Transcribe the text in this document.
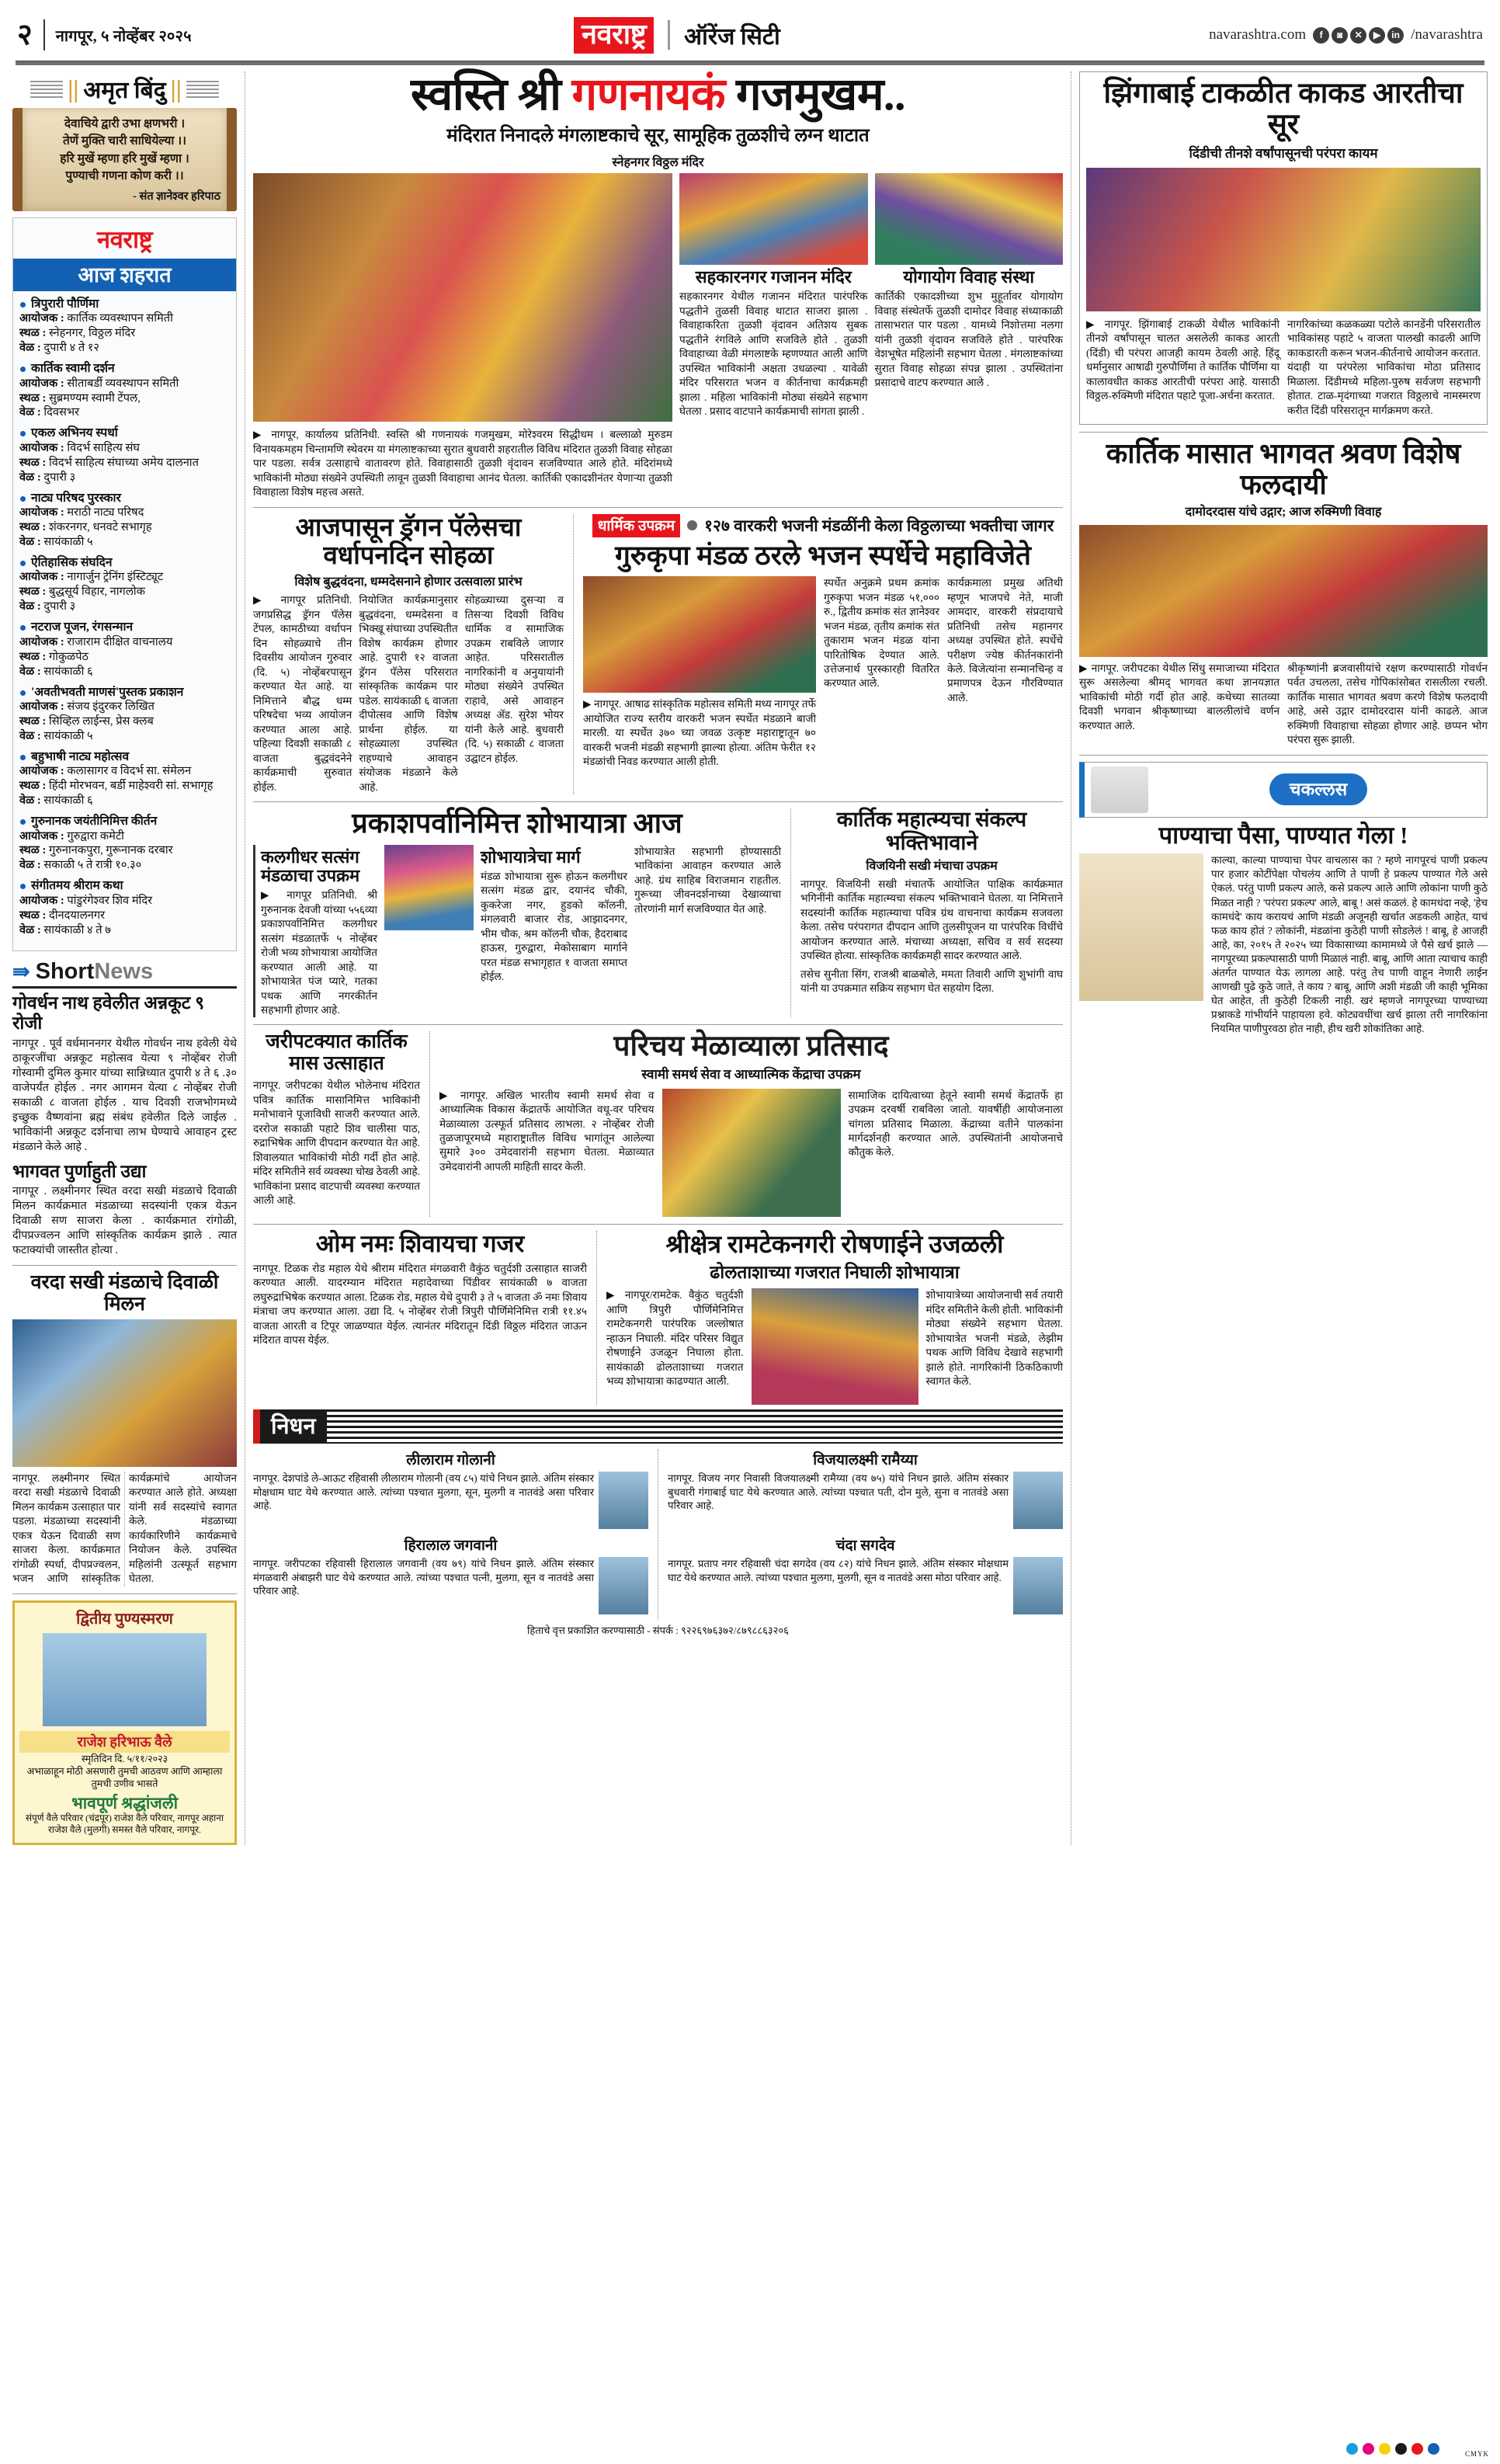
२ नागपूर, ५ नोव्हेंबर २०२५	नवराष्ट्र	ऑरेंज सिटी	navarashtra.com	f	◙	✕	▶	in /navarashtra
|| अमृत बिंदु ||

देवाचिये द्वारी उभा क्षणभरी ।

तेणें मुक्ति चारी साधियेल्या ।।

हरि मुखें म्हणा हरि मुखें म्हणा ।

पुण्याची गणना कोण करी ।।

- संत ज्ञानेश्वर हरिपाठ
नवराष्ट्र
आज शहरात
त्रिपुरारी पौर्णिमा
आयोजक : कार्तिक व्यवस्थापन समिती
स्थळ : स्नेहनगर, विठ्ठल मंदिर
वेळ : दुपारी ४ ते १२
कार्तिक स्वामी दर्शन
आयोजक : सीताबर्डी व्यवस्थापन समिती
स्थळ : सुब्रमण्यम स्वामी टेंपल,
वेळ : दिवसभर
एकल अभिनय स्पर्धा
आयोजक : विदर्भ साहित्य संघ
स्थळ : विदर्भ साहित्य संघाच्या अमेय दालनात
वेळ : दुपारी ३
नाट्य परिषद पुरस्कार
आयोजक : मराठी नाट्य परिषद
स्थळ : शंकरनगर, धनवटे सभागृह
वेळ : सायंकाळी ५
ऐतिहासिक संघदिन
आयोजक : नागार्जुन ट्रेनिंग इंस्टिट्यूट
स्थळ : बुद्धसूर्य विहार, नागलोक
वेळ : दुपारी ३
नटराज पूजन, रंगसन्मान
आयोजक : राजाराम दीक्षित वाचनालय
स्थळ : गोकुळपेठ
वेळ : सायंकाळी ६
'अवतीभवती माणसं'पुस्तक प्रकाशन
आयोजक : संजय इंदुरकर लिखित
स्थळ : सिव्हिल लाईन्स, प्रेस क्लब
वेळ : सायंकाळी ५
बहुभाषी नाट्य महोत्सव
आयोजक : कलासागर व विदर्भ सा. संमेलन
स्थळ : हिंदी मोरभवन, बर्डी माहेश्वरी सां. सभागृह
वेळ : सायंकाळी ६
गुरुनानक जयंतीनिमित्त कीर्तन
आयोजक : गुरुद्वारा कमेटी
स्थळ : गुरुनानकपुरा, गुरूनानक दरबार
वेळ : सकाळी ५ ते रात्री १०.३०
संगीतमय श्रीराम कथा
आयोजक : पांडुरंगेश्वर शिव मंदिर
स्थळ : दीनदयालनगर
वेळ : सायंकाळी ४ ते ७
⇛ ShortNews
गोवर्धन नाथ हवेलीत अन्नकूट ९ रोजी
नागपूर . पूर्व वर्धमाननगर येथील गोवर्धन नाथ हवेली येथे ठाकूरजींचा अन्नकूट महोत्सव येत्या ९ नोव्हेंबर रोजी गोस्वामी दुमिल कुमार यांच्या सान्निध्यात दुपारी ४ ते ६ .३० वाजेपर्यंत होईल . नगर आगमन येत्या ८ नोव्हेंबर रोजी सकाळी ८ वाजता होईल . याच दिवशी राजभोगमध्ये इच्छुक वैष्णवांना ब्रह्म संबंध हवेलीत दिले जाईल . भाविकांनी अन्नकूट दर्शनाचा लाभ घेण्याचे आवाहन ट्रस्ट मंडळाने केले आहे .
भागवत पुर्णाहुती उद्या
नागपूर . लक्ष्मीनगर स्थित वरदा सखी मंडळाचे दिवाळी मिलन कार्यक्रमात मंडळाच्या सदस्यांनी एकत्र येऊन दिवाळी सण साजरा केला . कार्यक्रमात रांगोळी, दीपप्रज्वलन आणि सांस्कृतिक कार्यक्रम झाले . त्यात फटाक्यांची जास्तीत होत्या .
वरदा सखी मंडळाचे दिवाळी मिलन
नागपूर. लक्ष्मीनगर स्थित वरदा सखी मंडळाचे दिवाळी मिलन कार्यक्रम उत्साहात पार पडला. मंडळाच्या सदस्यांनी एकत्र येऊन दिवाळी सण साजरा केला. कार्यक्रमात रांगोळी स्पर्धा, दीपप्रज्वलन, भजन आणि सांस्कृतिक कार्यक्रमांचे आयोजन करण्यात आले होते. अध्यक्षा यांनी सर्व सदस्यांचे स्वागत केले. मंडळाच्या कार्यकारिणीने कार्यक्रमाचे नियोजन केले. उपस्थित महिलांनी उत्स्फूर्त सहभाग घेतला.
द्वितीय पुण्यस्मरण
राजेश हरिभाऊ वैले
स्मृतिदिन दि. ५/११/२०२३
अभाळाहून मोठी असणारी तुमची आठवण आणि आम्हाला तुमची उणीव भासते
भावपूर्ण श्रद्धांजली
संपूर्ण वैले परिवार (चंद्रपूर) राजेश वैले परिवार, नागपूर अहाना राजेश वैले (मुलगी) समस्त वैले परिवार, नागपूर.
स्वस्ति श्री गणनायकं गजमुखम..
मंदिरात निनादले मंगलाष्टकाचे सूर, सामूहिक तुळशीचे लग्न थाटात
स्नेहनगर विठ्ठल मंदिर
▶ नागपूर, कार्यालय प्रतिनिधी. स्वस्ति श्री गणनायकं गजमुखम, मोरेश्वरम सिद्धीधम । बल्लाळो मुरुडम विनायकमहम चिन्तामणि स्थेवरम या मंगलाष्टकाच्या सुरात बुधवारी शहरातील विविध मंदिरात तुळशी विवाह सोहळा पार पडला. सर्वत्र उत्साहाचे वातावरण होते. विवाहासाठी तुळशी वृंदावन सजविण्यात आले होते. मंदिरांमध्ये भाविकांनी मोठ्या संख्येने उपस्थिती लावून तुळशी विवाहाचा आनंद घेतला. कार्तिकी एकादशीनंतर येणाऱ्या तुळशी विवाहाला विशेष महत्त्व असते.
सहकारनगर गजानन मंदिर
सहकारनगर येथील गजानन मंदिरात पारंपरिक पद्धतीने तुळसी विवाह थाटात साजरा झाला . विवाहाकरिता तुळशी वृंदावन अतिशय सुबक पद्धतीने रंगविले आणि सजविले होते . तुळशी विवाहाच्या वेळी मंगलाष्टके म्हणण्यात आली आणि उपस्थित भाविकांनी अक्षता उधळल्या . यावेळी मंदिर परिसरात भजन व कीर्तनाचा कार्यक्रमही झाला . महिला भाविकांनी मोठ्या संख्येने सहभाग घेतला . प्रसाद वाटपाने कार्यक्रमाची सांगता झाली .
योगायोग विवाह संस्था
कार्तिकी एकादशीच्या शुभ मुहूर्तावर योगायोग विवाह संस्थेतर्फे तुळशी दामोदर विवाह संध्याकाळी तासाभरात पार पडला . यामध्ये निशोत्तमा नलगा यांनी तुळशी वृंदावन सजविले होते . पारंपरिक वेशभूषेत महिलांनी सहभाग घेतला . मंगलाष्टकांच्या सुरात विवाह सोहळा संपन्न झाला . उपस्थितांना प्रसादाचे वाटप करण्यात आले .
आजपासून ड्रॅगन पॅलेसचा वर्धापनदिन सोहळा
विशेष बुद्धवंदना, धम्मदेसनाने होणार उत्सवाला प्रारंभ
▶ नागपूर प्रतिनिधी. जगप्रसिद्ध ड्रॅगन पॅलेस टेंपल, कामठीच्या वर्धापन दिन सोहळ्याचे तीन दिवसीय आयोजन गुरुवार (दि. ५) नोव्हेंबरपासून करण्यात येत आहे. या निमित्ताने बौद्ध धम्म परिषदेचा भव्य आयोजन करण्यात आला आहे. पहिल्या दिवशी सकाळी ८ वाजता बुद्धवंदनेने कार्यक्रमाची सुरुवात होईल.
नियोजित कार्यक्रमानुसार बुद्धवंदना, धम्मदेसना व भिक्खू संघाच्या उपस्थितीत विशेष कार्यक्रम होणार आहे. दुपारी १२ वाजता ड्रॅगन पॅलेस परिसरात सांस्कृतिक कार्यक्रम पार पडेल. सायंकाळी ६ वाजता दीपोत्सव आणि विशेष प्रार्थना होईल. या सोहळ्याला उपस्थित राहण्याचे आवाहन संयोजक मंडळाने केले आहे.
सोहळ्याच्या दुसऱ्या व तिसऱ्या दिवशी विविध धार्मिक व सामाजिक उपक्रम राबविले जाणार आहेत. परिसरातील नागरिकांनी व अनुयायांनी मोठ्या संख्येने उपस्थित राहावे, असे आवाहन अध्यक्ष ॲड. सुरेश भोयर यांनी केले आहे. बुधवारी (दि. ५) सकाळी ८ वाजता उद्घाटन होईल.
धार्मिक उपक्रम	१२७ वारकरी भजनी मंडळींनी केला विठ्ठलाच्या भक्तीचा जागर
गुरुकृपा मंडळ ठरले भजन स्पर्धेचे महाविजेते
▶ नागपूर. आषाढ सांस्कृतिक महोत्सव समिती मध्य नागपूर तर्फे आयोजित राज्य स्तरीय वारकरी भजन स्पर्धेत मंडळाने बाजी मारली. या स्पर्धेत ३७० च्या जवळ उत्कृष्ट महाराष्ट्रातून ७० वारकरी भजनी मंडळी सहभागी झाल्या होत्या. अंतिम फेरीत १२ मंडळांची निवड करण्यात आली होती.
स्पर्धेत अनुक्रमे प्रथम क्रमांक गुरुकृपा भजन मंडळ ५१,००० रु., द्वितीय क्रमांक संत ज्ञानेश्वर भजन मंडळ, तृतीय क्रमांक संत तुकाराम भजन मंडळ यांना पारितोषिक देण्यात आले. उत्तेजनार्थ पुरस्कारही वितरित करण्यात आले.
कार्यक्रमाला प्रमुख अतिथी म्हणून भाजपचे नेते, माजी आमदार, वारकरी संप्रदायाचे प्रतिनिधी तसेच महानगर अध्यक्ष उपस्थित होते. स्पर्धेचे परीक्षण ज्येष्ठ कीर्तनकारांनी केले. विजेत्यांना सन्मानचिन्ह व प्रमाणपत्र देऊन गौरविण्यात आले.
प्रकाशपर्वानिमित्त शोभायात्रा आज
कलगीधर सत्संग मंडळाचा उपक्रम
▶ नागपूर प्रतिनिधी. श्री गुरुनानक देवजी यांच्या ५५६व्या प्रकाशपर्वानिमित्त कलगीधर सत्संग मंडळातर्फे ५ नोव्हेंबर रोजी भव्य शोभायात्रा आयोजित करण्यात आली आहे. या शोभायात्रेत पंज प्यारे, गतका पथक आणि नगरकीर्तन सहभागी होणार आहे.
शोभायात्रेचा मार्ग
मंडळ शोभायात्रा सुरू होऊन कलगीधर सत्संग मंडळ द्वार, दयानंद चौकी, कुकरेजा नगर, हुडको कॉलनी, मंगलवारी बाजार रोड, आझादनगर, भीम चौक, श्रम कॉलनी चौक, हैदराबाद हाऊस, गुरुद्वारा, मेकोसाबाग मार्गाने परत मंडळ सभागृहात १ वाजता समाप्त होईल.
शोभायात्रेत सहभागी होण्यासाठी भाविकांना आवाहन करण्यात आले आहे. ग्रंथ साहिब विराजमान राहतील. गुरूच्या जीवनदर्शनाच्या देखाव्याचा तोरणांनी मार्ग सजविण्यात येत आहे.
कार्तिक महात्म्यचा संकल्प भक्तिभावाने
विजयिनी सखी मंचाचा उपक्रम
नागपूर. विजयिनी सखी मंचातर्फे आयोजित पाक्षिक कार्यक्रमात भगिनींनी कार्तिक महात्म्यचा संकल्प भक्तिभावाने घेतला. या निमित्ताने सदस्यांनी कार्तिक महात्म्याचा पवित्र ग्रंथ वाचनाचा कार्यक्रम सजवला केला. तसेच परंपरागत दीपदान आणि तुलसीपूजन या पारंपरिक विधींचे आयोजन करण्यात आले. मंचाच्या अध्यक्षा, सचिव व सर्व सदस्या उपस्थित होत्या. सांस्कृतिक कार्यक्रमही सादर करण्यात आले.
तसेच सुनीता सिंग, राजश्री बाळबोले, ममता तिवारी आणि शुभांगी वाघ यांनी या उपक्रमात सक्रिय सहभाग घेत सहयोग दिला.
जरीपटक्यात कार्तिक मास उत्साहात
नागपूर. जरीपटका येथील भोलेनाथ मंदिरात पवित्र कार्तिक मासानिमित्त भाविकांनी मनोभावाने पूजाविधी साजरी करण्यात आले. दररोज सकाळी पहाटे शिव चालीसा पाठ, रुद्राभिषेक आणि दीपदान करण्यात येत आहे. शिवालयात भाविकांची मोठी गर्दी होत आहे. मंदिर समितीने सर्व व्यवस्था चोख ठेवली आहे. भाविकांना प्रसाद वाटपाची व्यवस्था करण्यात आली आहे.
परिचय मेळाव्याला प्रतिसाद
स्वामी समर्थ सेवा व आध्यात्मिक केंद्राचा उपक्रम
▶ नागपूर. अखिल भारतीय स्वामी समर्थ सेवा व आध्यात्मिक विकास केंद्रातर्फे आयोजित वधू-वर परिचय मेळाव्याला उत्स्फूर्त प्रतिसाद लाभला. २ नोव्हेंबर रोजी तुळजापूरमध्ये महाराष्ट्रातील विविध भागांतून आलेल्या सुमारे ३०० उमेदवारांनी सहभाग घेतला. मेळाव्यात उमेदवारांनी आपली माहिती सादर केली.
सामाजिक दायित्वाच्या हेतूने स्वामी समर्थ केंद्रातर्फे हा उपक्रम दरवर्षी राबविला जातो. यावर्षीही आयोजनाला चांगला प्रतिसाद मिळाला. केंद्राच्या वतीने पालकांना मार्गदर्शनही करण्यात आले. उपस्थितांनी आयोजनाचे कौतुक केले.
ओम नमः शिवायचा गजर
नागपूर. टिळक रोड महाल येथे श्रीराम मंदिरात मंगळवारी वैकुंठ चतुर्दशी उत्साहात साजरी करण्यात आली. यादरम्यान मंदिरात महादेवाच्या पिंडीवर सायंकाळी ७ वाजता लघुरुद्राभिषेक करण्यात आला. टिळक रोड, महाल येथे दुपारी ३ ते ५ वाजता ॐ नमः शिवाय मंत्राचा जप करण्यात आला. उद्या दि. ५ नोव्हेंबर रोजी त्रिपुरी पौर्णिमेनिमित्त रात्री ११.४५ वाजता आरती व टिपूर जाळण्यात येईल. त्यानंतर मंदिरातून दिंडी विठ्ठल मंदिरात जाऊन मंदिरात वापस येईल.
श्रीक्षेत्र रामटेकनगरी रोषणाईने उजळली
ढोलताशाच्या गजरात निघाली शोभायात्रा
▶ नागपूर/रामटेक. वैकुंठ चतुर्दशी आणि त्रिपुरी पौर्णिमेनिमित्त रामटेकनगरी पारंपरिक जल्लोषात न्हाऊन निघाली. मंदिर परिसर विद्युत रोषणाईने उजळून निघाला होता. सायंकाळी ढोलताशाच्या गजरात भव्य शोभायात्रा काढण्यात आली.
शोभायात्रेच्या आयोजनाची सर्व तयारी मंदिर समितीने केली होती. भाविकांनी मोठ्या संख्येने सहभाग घेतला. शोभायात्रेत भजनी मंडळे, लेझीम पथक आणि विविध देखावे सहभागी झाले होते. नागरिकांनी ठिकठिकाणी स्वागत केले.
निधन
लीलाराम गोलानी
नागपूर. देशपांडे ले-आऊट रहिवासी लीलाराम गोलानी (वय ८५) यांचे निधन झाले. अंतिम संस्कार मोक्षधाम घाट येथे करण्यात आले. त्यांच्या पश्चात मुलगा, सून, मुलगी व नातवंडे असा परिवार आहे.
हिरालाल जगवानी
नागपूर. जरीपटका रहिवासी हिरालाल जगवानी (वय ७९) यांचे निधन झाले. अंतिम संस्कार मंगळवारी अंबाझरी घाट येथे करण्यात आले. त्यांच्या पश्चात पत्नी, मुलगा, सून व नातवंडे असा परिवार आहे.
विजयालक्ष्मी रामैय्या
नागपूर. विजय नगर निवासी विजयालक्ष्मी रामैय्या (वय ७५) यांचे निधन झाले. अंतिम संस्कार बुधवारी गंगाबाई घाट येथे करण्यात आले. त्यांच्या पश्चात पती, दोन मुले, सुना व नातवंडे असा परिवार आहे.
चंदा सगदेव
नागपूर. प्रताप नगर रहिवासी चंदा सगदेव (वय ८२) यांचे निधन झाले. अंतिम संस्कार मोक्षधाम घाट येथे करण्यात आले. त्यांच्या पश्चात मुलगा, मुलगी, सून व नातवंडे असा मोठा परिवार आहे.
हिताचे वृत्त प्रकाशित करण्यासाठी - संपर्क : ९२२६९७६३७२/८७९८८६३२०६
झिंगाबाई टाकळीत काकड आरतीचा सूर
दिंडीची तीनशे वर्षांपासूनची परंपरा कायम
▶ नागपूर. झिंगाबाई टाकळी येथील भाविकांनी तीनशे वर्षांपासून चालत असलेली काकड आरती (दिंडी) ची परंपरा आजही कायम ठेवली आहे. हिंदू धर्मानुसार आषाढी गुरुपौर्णिमा ते कार्तिक पौर्णिमा या कालावधीत काकड आरतीची परंपरा आहे. यासाठी विठ्ठल-रुक्मिणी मंदिरात पहाटे पूजा-अर्चना करतात.
नागरिकांच्या कळकळ्या पटोले कानडेंनी परिसरातील भाविकांसह पहाटे ५ वाजता पालखी काढली आणि काकडारती करून भजन-कीर्तनाचे आयोजन करतात. यंदाही या परंपरेला भाविकांचा मोठा प्रतिसाद मिळाला. दिंडीमध्ये महिला-पुरुष सर्वजण सहभागी होतात. टाळ-मृदंगाच्या गजरात विठ्ठलाचे नामस्मरण करीत दिंडी परिसरातून मार्गक्रमण करते.
कार्तिक मासात भागवत श्रवण विशेष फलदायी
दामोदरदास यांचे उद्गार; आज रुक्मिणी विवाह
▶ नागपूर. जरीपटका येथील सिंधु समाजाच्या मंदिरात सुरू असलेल्या श्रीमद् भागवत कथा ज्ञानयज्ञात भाविकांची मोठी गर्दी होत आहे. कथेच्या सातव्या दिवशी भगवान श्रीकृष्णाच्या बाललीलांचे वर्णन करण्यात आले.
श्रीकृष्णांनी ब्रजवासीयांचे रक्षण करण्यासाठी गोवर्धन पर्वत उचलला, तसेच गोपिकांसोबत रासलीला रचली. कार्तिक मासात भागवत श्रवण करणे विशेष फलदायी आहे, असे उद्गार दामोदरदास यांनी काढले. आज रुक्मिणी विवाहाचा सोहळा होणार आहे. छप्पन भोग परंपरा सुरू झाली.
चकल्लस
पाण्याचा पैसा, पाण्यात गेला !
काल्या, काल्या पाण्याचा पेपर वाचलास का ? म्हणे नागपूरचं पाणी प्रकल्प पार हजार कोटींपेक्षा पोचलंय आणि ते पाणी हे प्रकल्प पाण्यात गेले असे ऐकलं. परंतु पाणी प्रकल्प आले, कसे प्रकल्प आले आणि लोकांना पाणी कुठे मिळत नाही ? 'परंपरा प्रकल्प' आले, बाबू ! असं कळलं. हे कामधंदा नव्हे, 'हेच कामधंदे' काय करायचं आणि मंडळी अजूनही खर्चात अडकली आहेत, याचं फळ काय होतं ? लोकांनी, मंडळांना कुठेही पाणी सोडलेलं ! बाबू, हे आजही आहे, का, २०१५ ते २०२५ च्या विकासाच्या कामामध्ये जे पैसे खर्च झाले — नागपूरच्या प्रकल्पासाठी पाणी मिळालं नाही. बाबू, आणि आता त्याचाच काही अंतर्गत पाण्यात येऊ लागला आहे. परंतु तेच पाणी वाहून नेणारी लाईन आणखी पुढे कुठे जाते, ते काय ? बाबू, आणि अशी मंडळी जी काही भूमिका घेत आहेत, ती कुठेही टिकली नाही. खरं म्हणजे नागपूरच्या पाण्याच्या प्रश्नाकडे गांभीर्याने पाहायला हवे. कोट्यवधींचा खर्च झाला तरी नागरिकांना नियमित पाणीपुरवठा होत नाही, हीच खरी शोकांतिका आहे.
CMYK
